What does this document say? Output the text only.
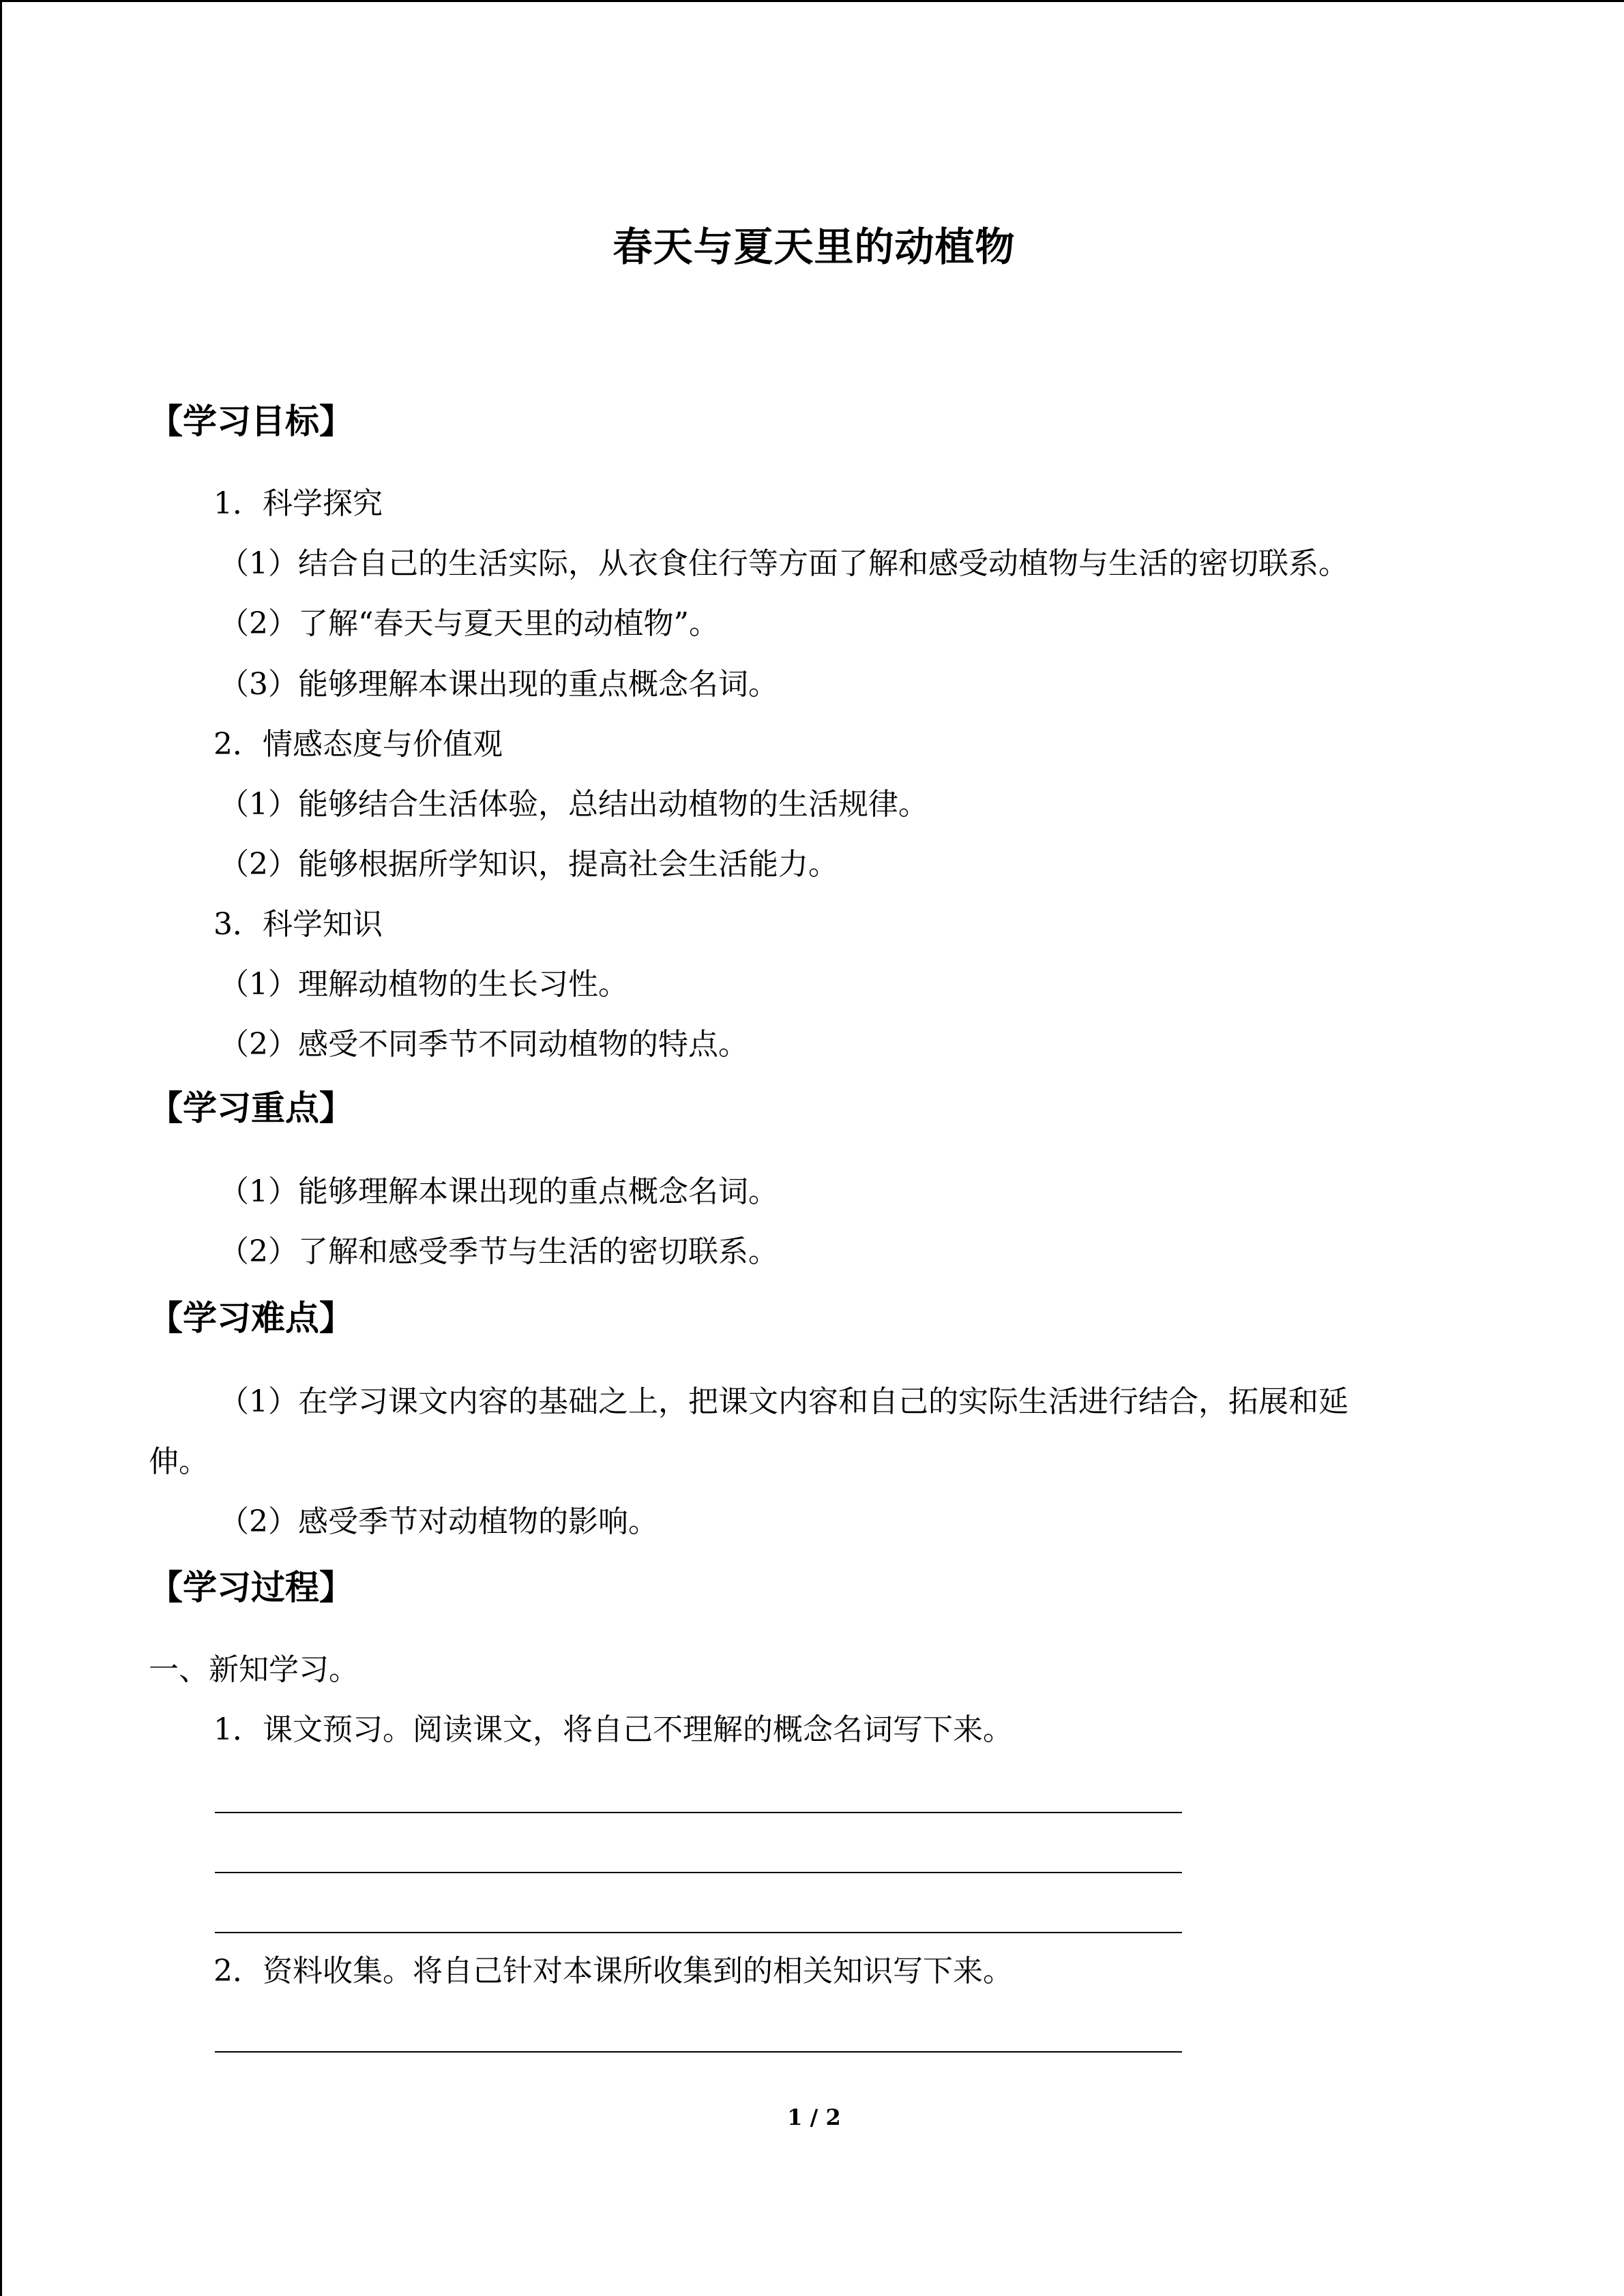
春天与夏天里的动植物
【学习目标】
1．科学探究
（1）结合自己的生活实际，从衣食住行等方面了解和感受动植物与生活的密切联系。
（2）了解“春天与夏天里的动植物”。
（3）能够理解本课出现的重点概念名词。
2．情感态度与价值观
（1）能够结合生活体验，总结出动植物的生活规律。
（2）能够根据所学知识，提高社会生活能力。
3．科学知识
（1）理解动植物的生长习性。
（2）感受不同季节不同动植物的特点。
【学习重点】
（1）能够理解本课出现的重点概念名词。
（2）了解和感受季节与生活的密切联系。
【学习难点】
（1）在学习课文内容的基础之上，把课文内容和自己的实际生活进行结合，拓展和延
伸。
（2）感受季节对动植物的影响。
【学习过程】
一、新知学习。
1．课文预习。阅读课文，将自己不理解的概念名词写下来。
2．资料收集。将自己针对本课所收集到的相关知识写下来。
1 / 2
